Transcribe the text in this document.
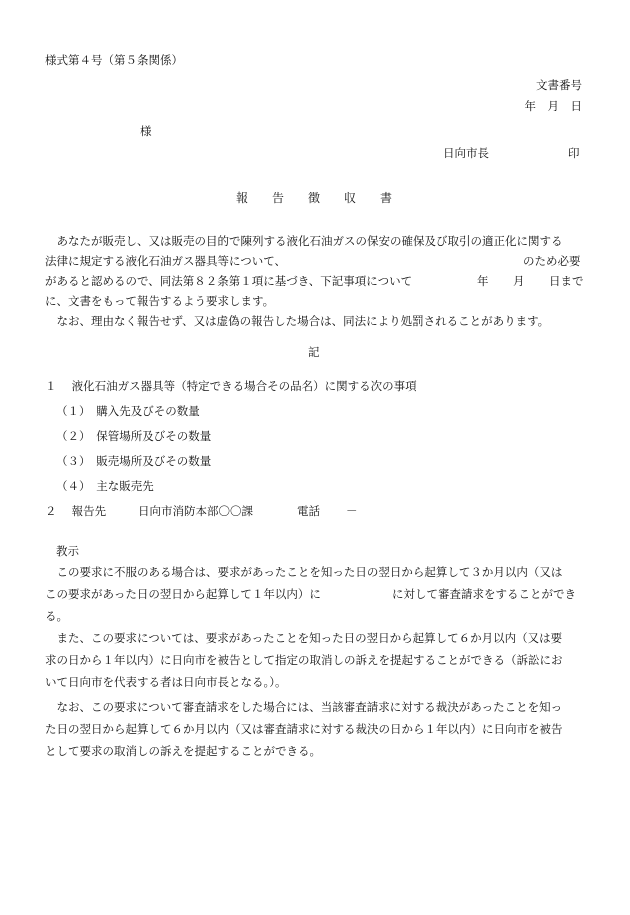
様式第４号（第５条関係）
文書番号
年　月　日
様
日向市長	印
報　　告　　徴　　収　　書
　あなたが販売し、又は販売の目的で陳列する液化石油ガスの保安の確保及び取引の適正化に関する
法律に規定する液化石油ガス器具等について、	のため必要
があると認めるので、同法第８２条第１項に基づき、下記事項について	年 月 日まで
に、文書をもって報告するよう要求します。
　なお、理由なく報告せず、又は虚偽の報告した場合は、同法により処罰されることがあります。
記
１　 液化石油ガス器具等（特定できる場合その品名）に関する次の事項
（１）　購入先及びその数量
（２）　保管場所及びその数量
（３）　販売場所及びその数量
（４）　主な販売先
２　 報告先	日向市消防本部〇〇課	電話 －
教示
　この要求に不服のある場合は、要求があったことを知った日の翌日から起算して３か月以内（又は
この要求があった日の翌日から起算して１年以内）に	に対して審査請求をすることができ
る。
　また、この要求については、要求があったことを知った日の翌日から起算して６か月以内（又は要
求の日から１年以内）に日向市を被告として指定の取消しの訴えを提起することができる（訴訟にお
いて日向市を代表する者は日向市長となる。）。
　なお、この要求について審査請求をした場合には、当該審査請求に対する裁決があったことを知っ
た日の翌日から起算して６か月以内（又は審査請求に対する裁決の日から１年以内）に日向市を被告
として要求の取消しの訴えを提起することができる。
